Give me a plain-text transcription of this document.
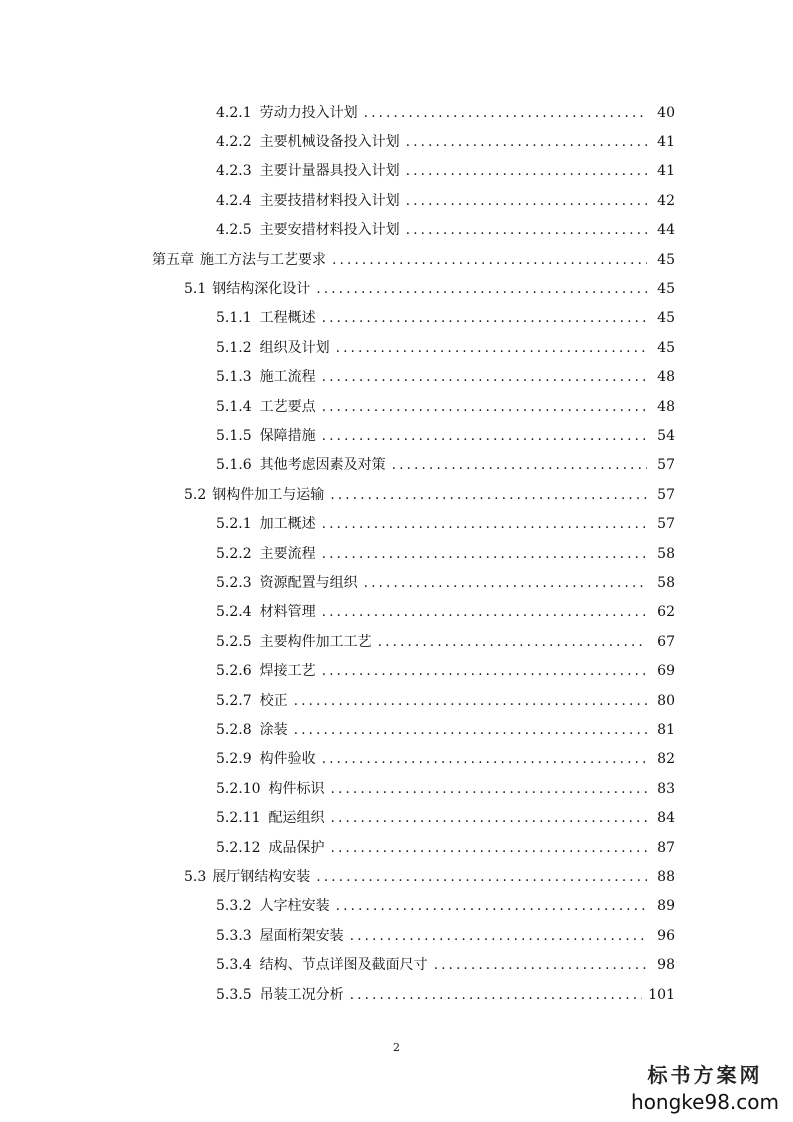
4.2.1 劳动力投入计划 .....	40
4.2.2 主要机械设备投入计划 .....	41
4.2.3 主要计量器具投入计划 .....	41
4.2.4 主要技措材料投入计划 .....	42
4.2.5 主要安措材料投入计划 .....	44
第五章 施工方法与工艺要求 .....	45
5.1 钢结构深化设计 .....	45
5.1.1 工程概述 .....	45
5.1.2 组织及计划 .....	45
5.1.3 施工流程 .....	48
5.1.4 工艺要点 .....	48
5.1.5 保障措施 .....	54
5.1.6 其他考虑因素及对策 .....	57
5.2 钢构件加工与运输 .....	57
5.2.1 加工概述 .....	57
5.2.2 主要流程 .....	58
5.2.3 资源配置与组织 .....	58
5.2.4 材料管理 .....	62
5.2.5 主要构件加工工艺 .....	67
5.2.6 焊接工艺 .....	69
5.2.7 校正 .....	80
5.2.8 涂装 .....	81
5.2.9 构件验收 .....	82
5.2.10 构件标识 .....	83
5.2.11 配运组织 .....	84
5.2.12 成品保护 .....	87
5.3 展厅钢结构安装 .....	88
5.3.2 人字柱安装 .....	89
5.3.3 屋面桁架安装 .....	96
5.3.4 结构、节点详图及截面尺寸 .....	98
5.3.5 吊装工况分析 .....	101
2
标书方案网
hongke98.com
